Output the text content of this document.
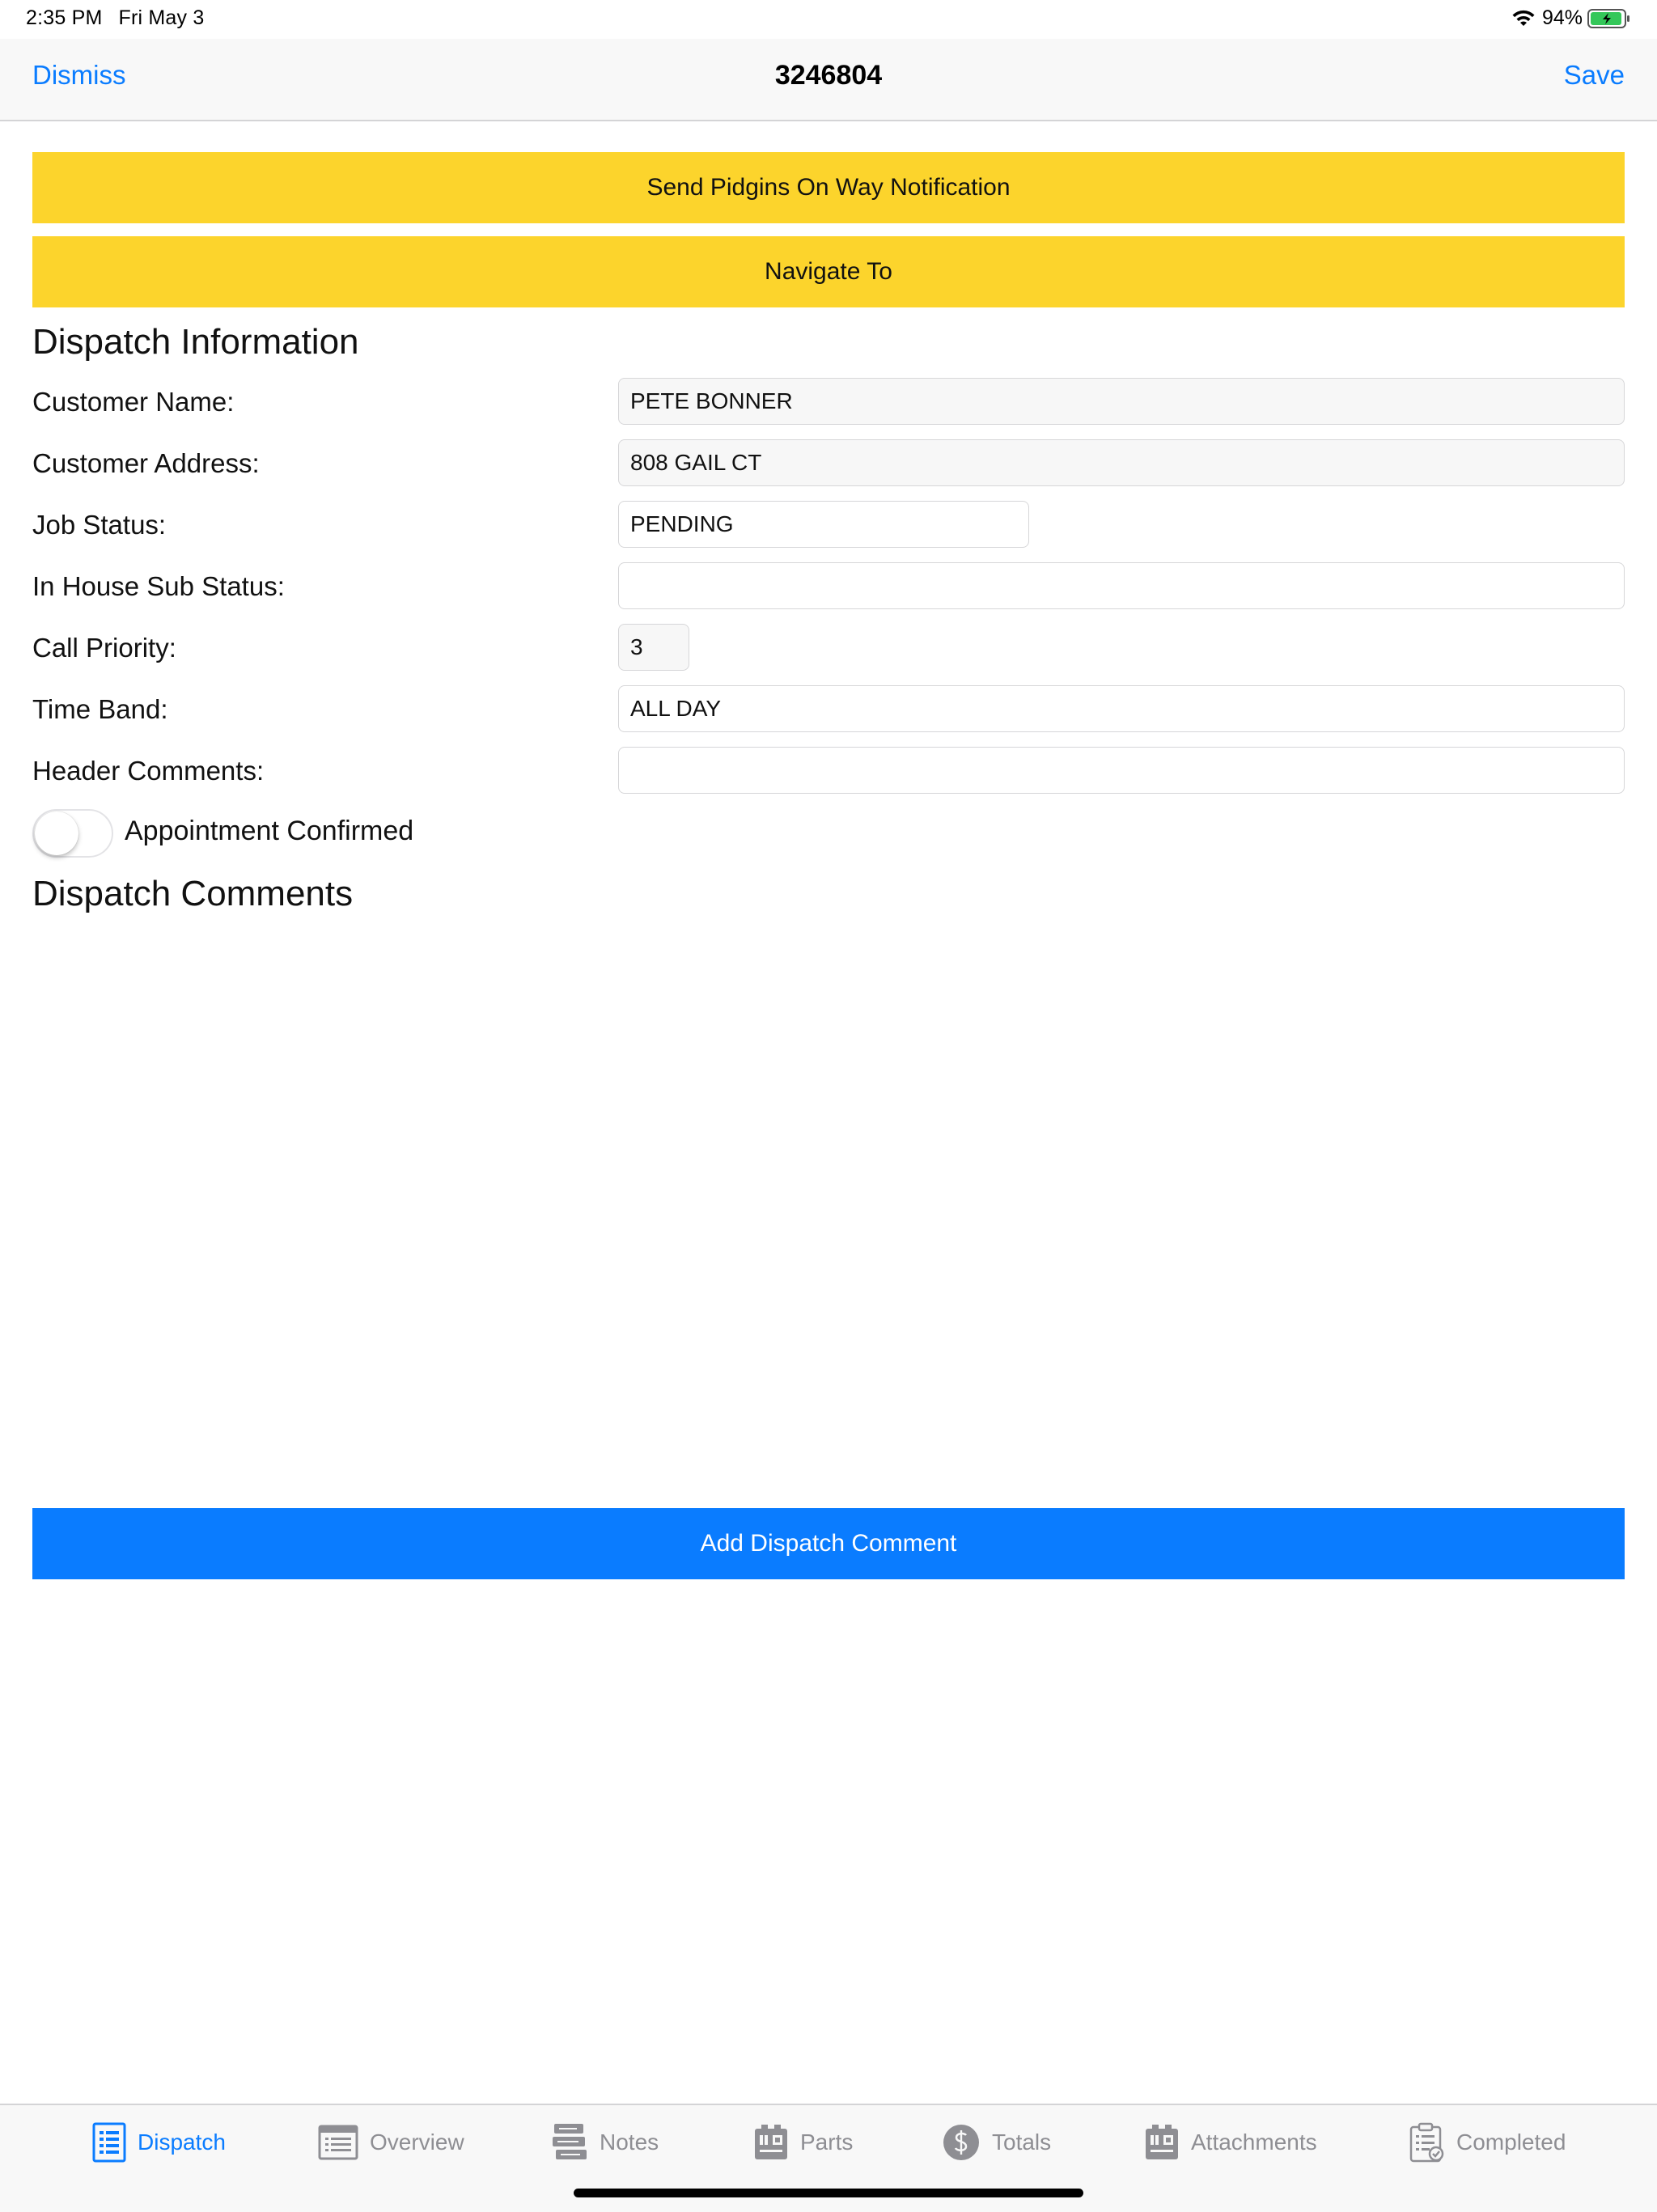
2:35 PM Fri May 3	94%
3246804
Dismiss	Save
Send Pidgins On Way Notification
Navigate To
Dispatch Information
Customer Name:	PETE BONNER
Customer Address:	808 GAIL CT
Job Status:	PENDING
In House Sub Status:
Call Priority:	3
Time Band:	ALL DAY
Header Comments:
Appointment Confirmed
Dispatch Comments
Add Dispatch Comment
Dispatch	Overview	Notes	Parts	Totals	Attachments	Completed
